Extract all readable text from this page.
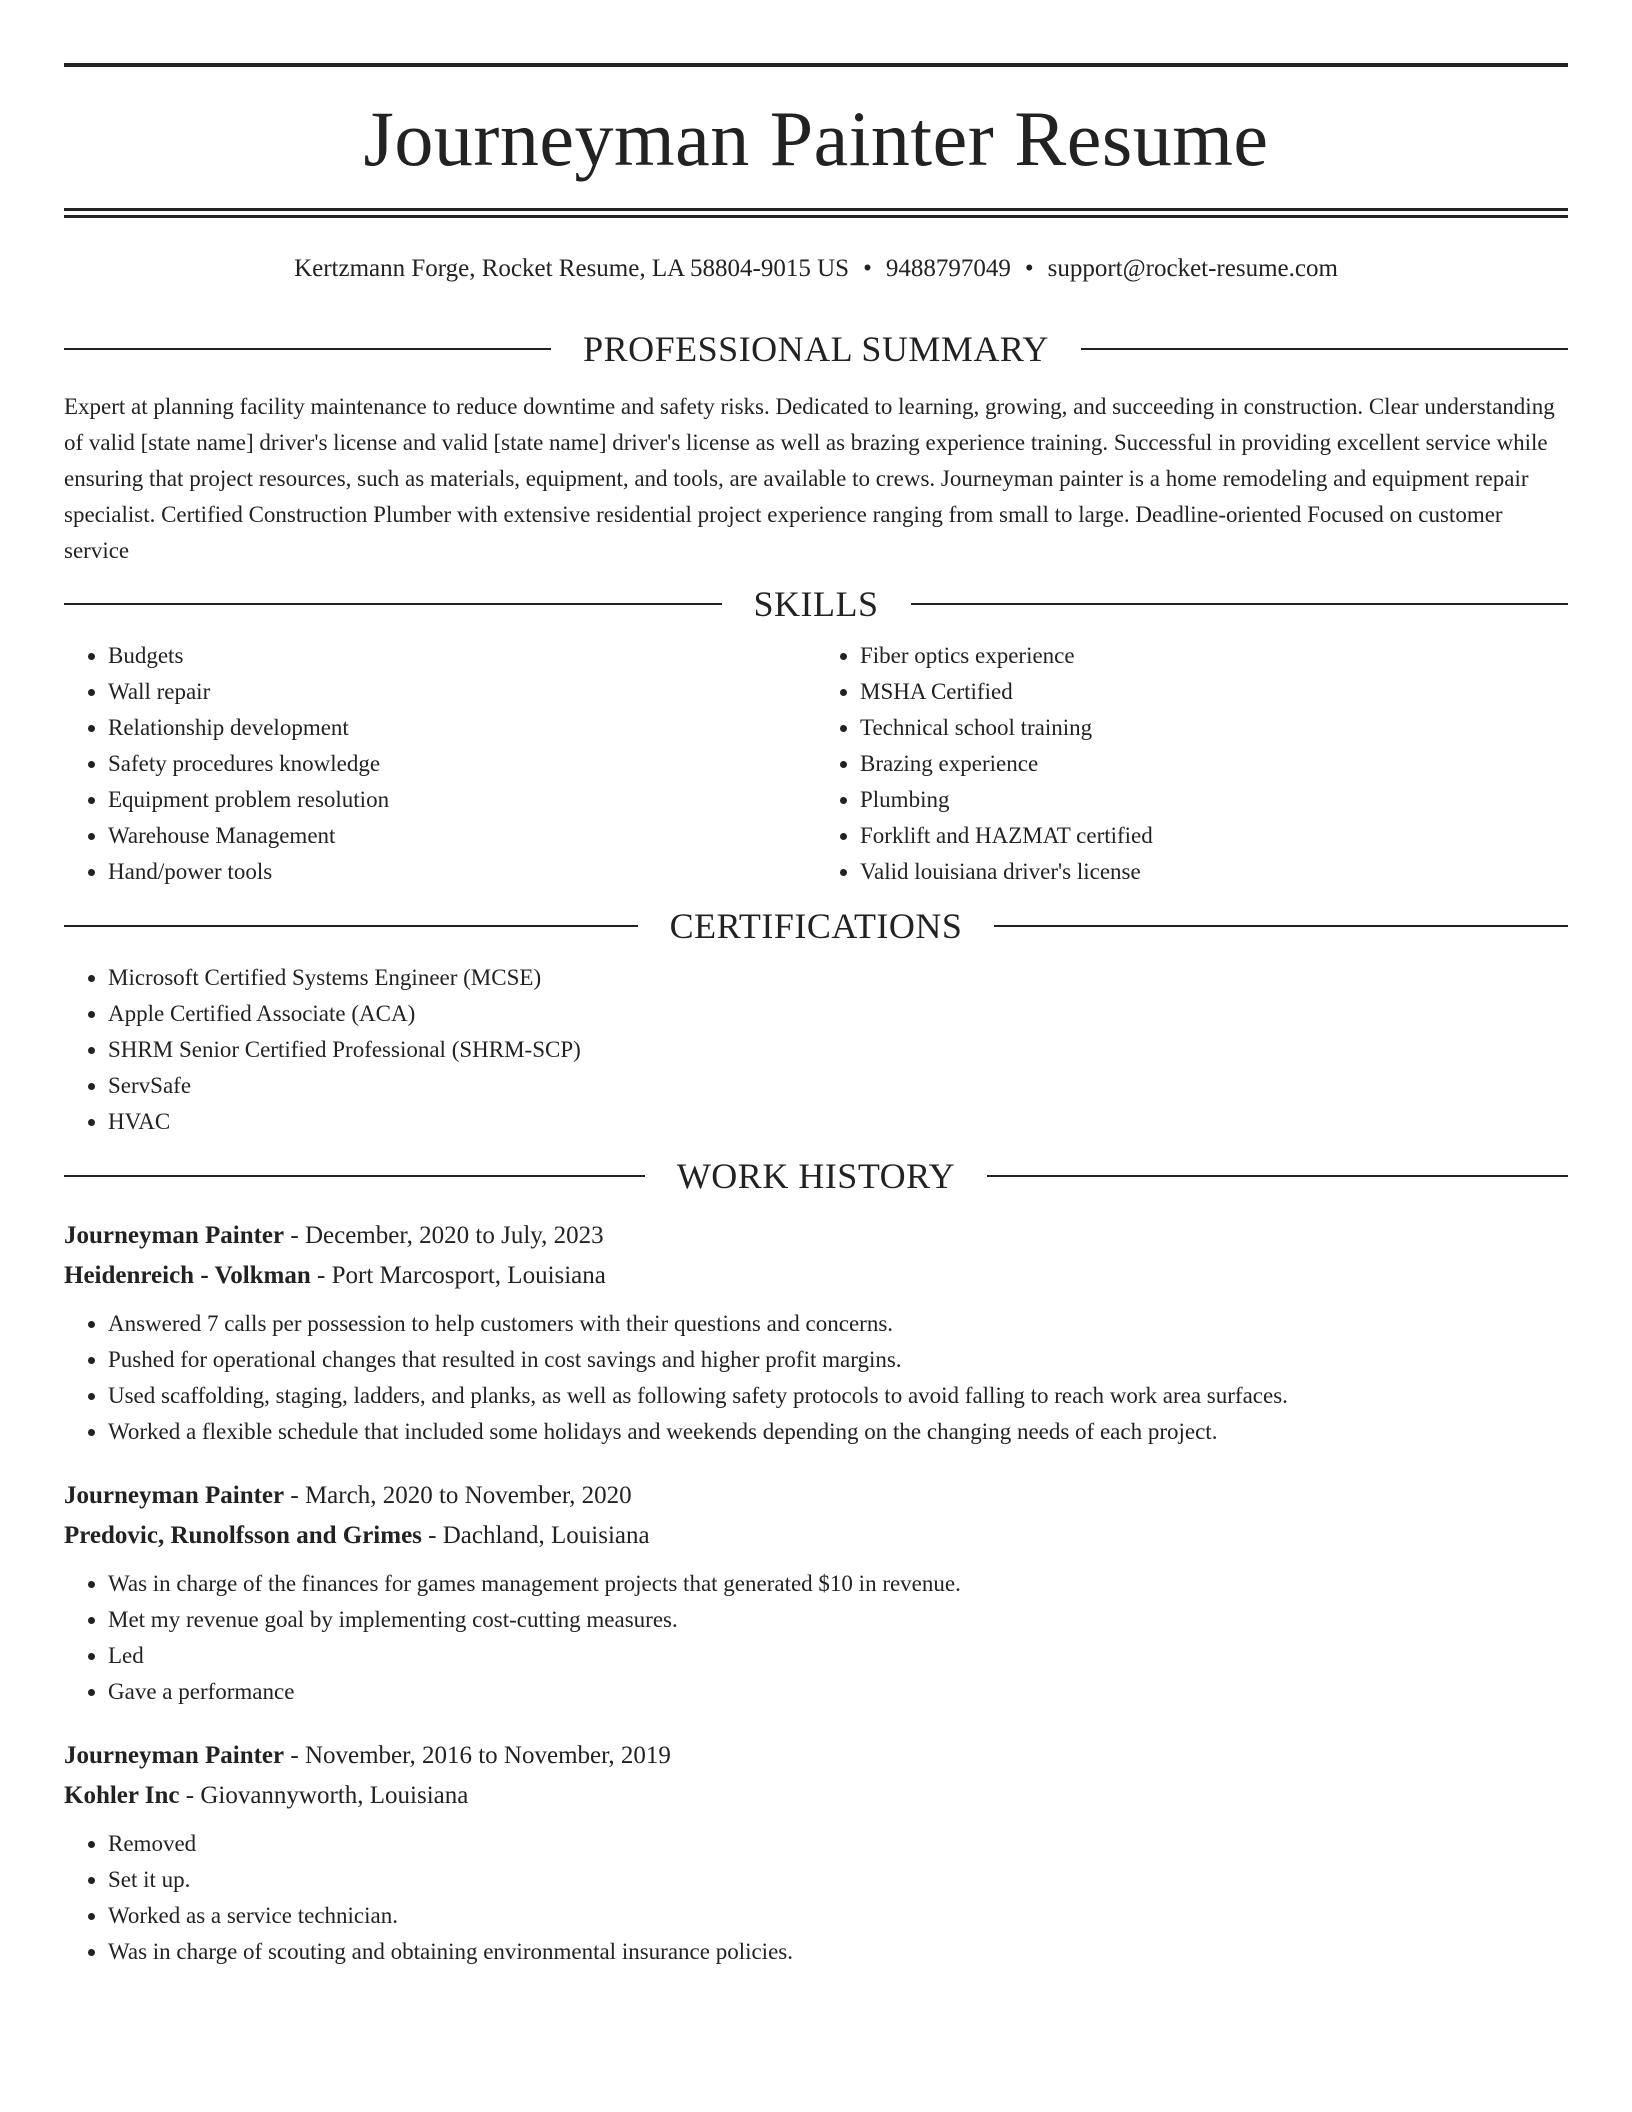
Journeyman Painter Resume
Kertzmann Forge, Rocket Resume, LA 58804-9015 US • 9488797049 • support@rocket-resume.com
PROFESSIONAL SUMMARY

Expert at planning facility maintenance to reduce downtime and safety risks. Dedicated to learning, growing, and succeeding in construction. Clear understanding of valid [state name] driver's license and valid [state name] driver's license as well as brazing experience training. Successful in providing excellent service while ensuring that project resources, such as materials, equipment, and tools, are available to crews. Journeyman painter is a home remodeling and equipment repair specialist. Certified Construction Plumber with extensive residential project experience ranging from small to large. Deadline-oriented Focused on customer service

SKILLS
• Budgets
• Wall repair
• Relationship development
• Safety procedures knowledge
• Equipment problem resolution
• Warehouse Management
• Hand/power tools
• Fiber optics experience
• MSHA Certified
• Technical school training
• Brazing experience
• Plumbing
• Forklift and HAZMAT certified
• Valid louisiana driver's license
CERTIFICATIONS
• Microsoft Certified Systems Engineer (MCSE)
• Apple Certified Associate (ACA)
• SHRM Senior Certified Professional (SHRM-SCP)
• ServSafe
• HVAC
WORK HISTORY
Journeyman Painter - December, 2020 to July, 2023
Heidenreich - Volkman - Port Marcosport, Louisiana
• Answered 7 calls per possession to help customers with their questions and concerns.
• Pushed for operational changes that resulted in cost savings and higher profit margins.
• Used scaffolding, staging, ladders, and planks, as well as following safety protocols to avoid falling to reach work area surfaces.
• Worked a flexible schedule that included some holidays and weekends depending on the changing needs of each project.
Journeyman Painter - March, 2020 to November, 2020
Predovic, Runolfsson and Grimes - Dachland, Louisiana
• Was in charge of the finances for games management projects that generated $10 in revenue.
• Met my revenue goal by implementing cost-cutting measures.
• Led
• Gave a performance
Journeyman Painter - November, 2016 to November, 2019
Kohler Inc - Giovannyworth, Louisiana
• Removed
• Set it up.
• Worked as a service technician.
• Was in charge of scouting and obtaining environmental insurance policies.
